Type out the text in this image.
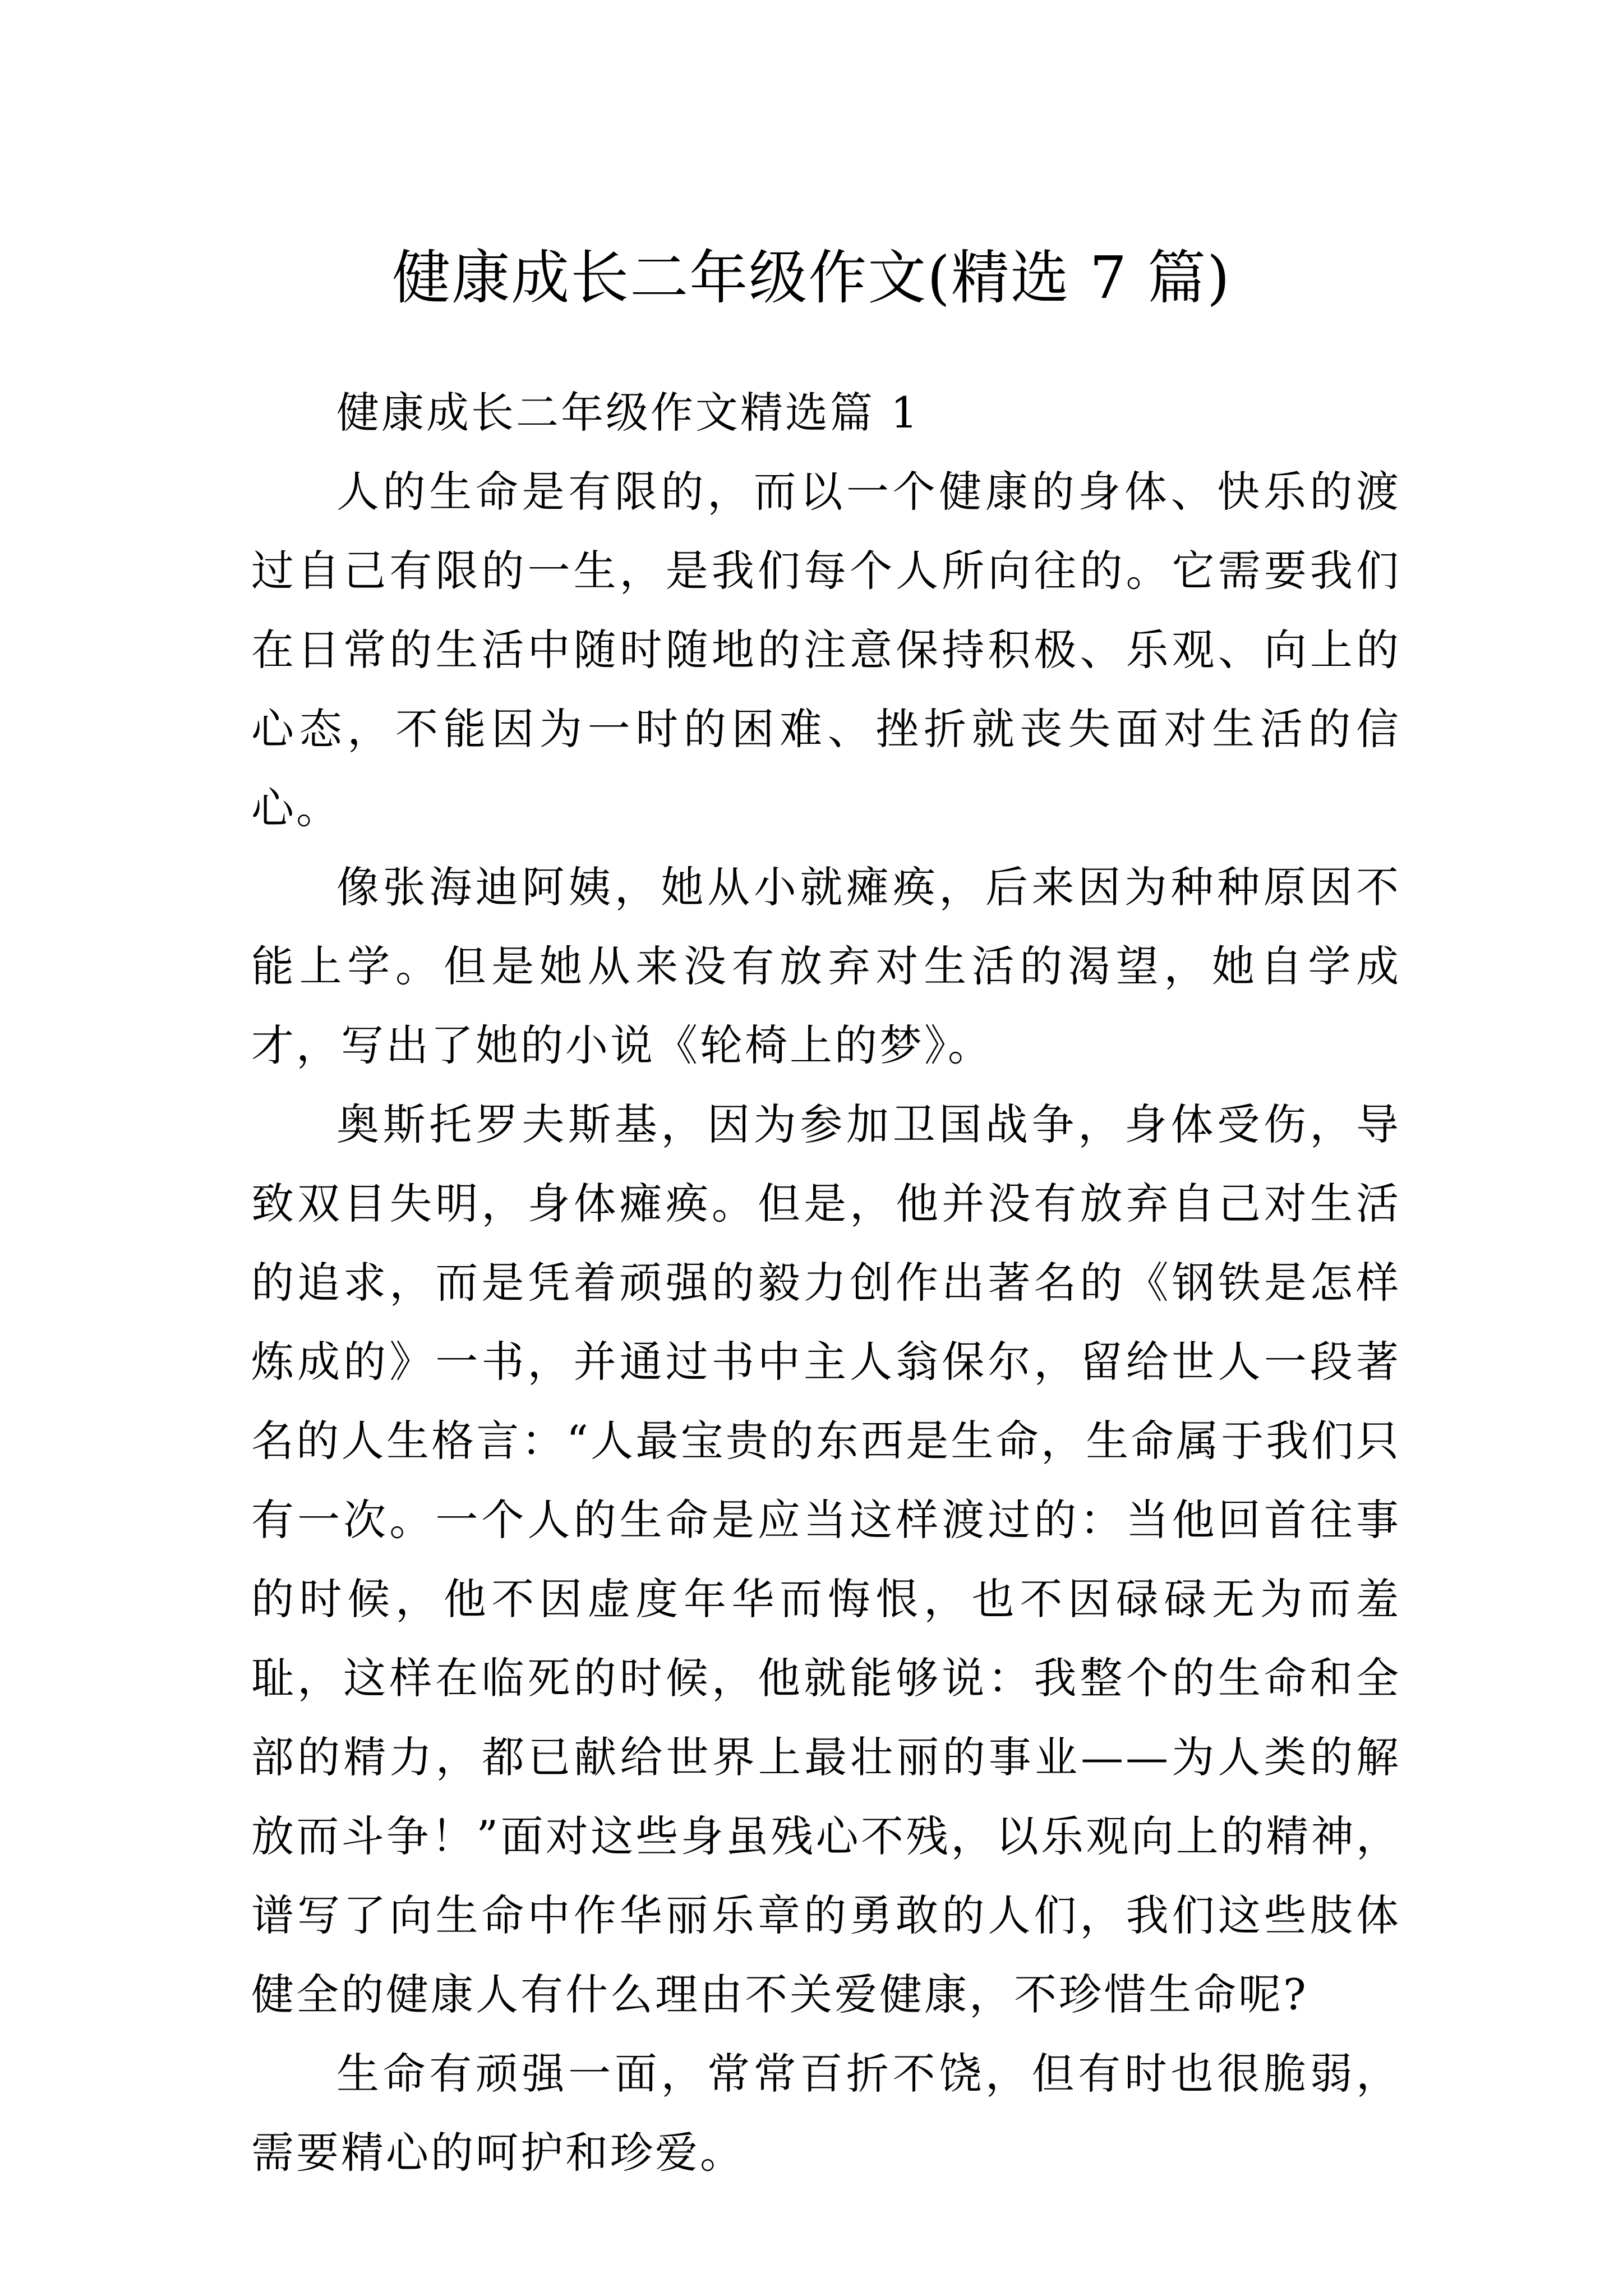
健康成长二年级作文(精选 7 篇)

健康成长二年级作文精选篇 1

人的生命是有限的，而以一个健康的身体、快乐的渡过自己有限的一生，是我们每个人所向往的。它需要我们在日常的生活中随时随地的注意保持积极、乐观、向上的心态，不能因为一时的困难、挫折就丧失面对生活的信心。

像张海迪阿姨，她从小就瘫痪，后来因为种种原因不能上学。但是她从来没有放弃对生活的渴望，她自学成才，写出了她的小说《轮椅上的梦》。

奥斯托罗夫斯基，因为参加卫国战争，身体受伤，导致双目失明，身体瘫痪。但是，他并没有放弃自己对生活的追求，而是凭着顽强的毅力创作出著名的《钢铁是怎样炼成的》一书，并通过书中主人翁保尔，留给世人一段著名的人生格言：“人最宝贵的东西是生命，生命属于我们只有一次。一个人的生命是应当这样渡过的：当他回首往事的时候，他不因虚度年华而悔恨，也不因碌碌无为而羞耻，这样在临死的时候，他就能够说：我整个的生命和全部的精力，都已献给世界上最壮丽的事业——为人类的解放而斗争！”面对这些身虽残心不残，以乐观向上的精神，谱写了向生命中作华丽乐章的勇敢的人们，我们这些肢体健全的健康人有什么理由不关爱健康，不珍惜生命呢?

生命有顽强一面，常常百折不饶，但有时也很脆弱，需要精心的呵护和珍爱。
